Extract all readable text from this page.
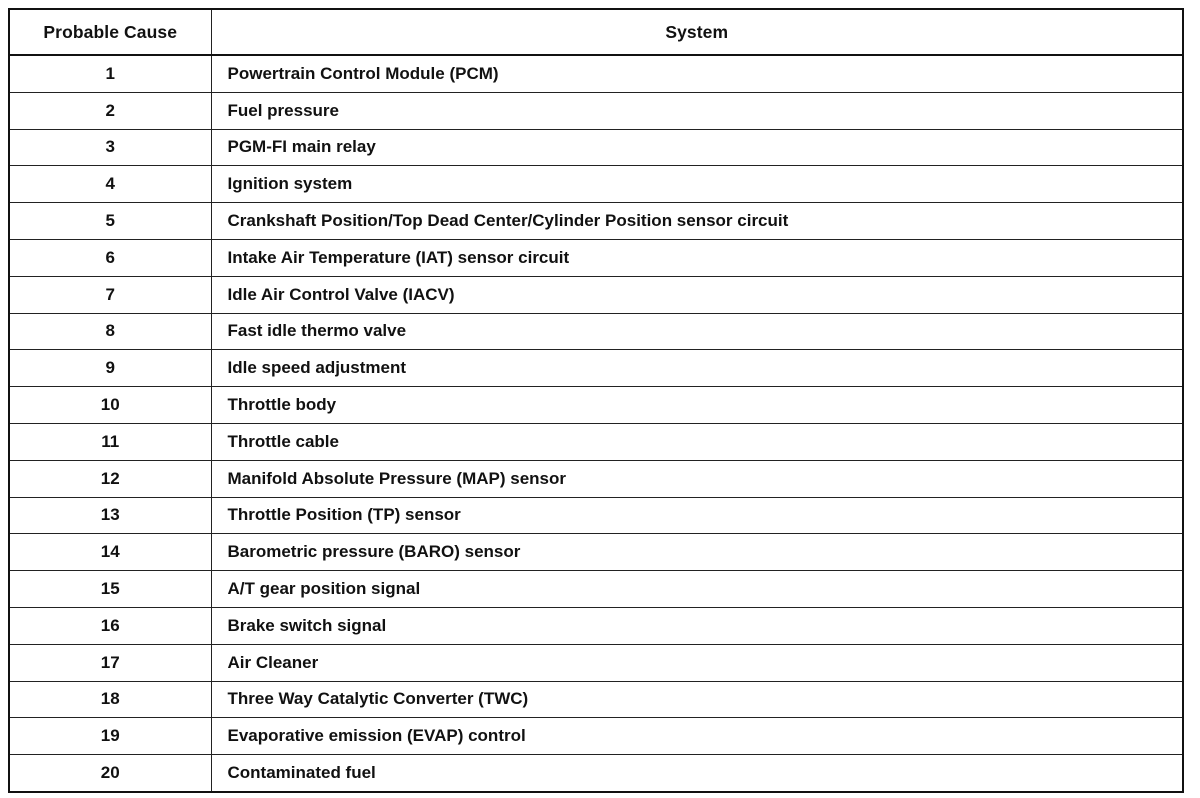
Probable Cause	System
1	Powertrain Control Module (PCM)
2	Fuel pressure
3	PGM-FI main relay
4	Ignition system
5	Crankshaft Position/Top Dead Center/Cylinder Position sensor circuit
6	Intake Air Temperature (IAT) sensor circuit
7	Idle Air Control Valve (IACV)
8	Fast idle thermo valve
9	Idle speed adjustment
10	Throttle body
11	Throttle cable
12	Manifold Absolute Pressure (MAP) sensor
13	Throttle Position (TP) sensor
14	Barometric pressure (BARO) sensor
15	A/T gear position signal
16	Brake switch signal
17	Air Cleaner
18	Three Way Catalytic Converter (TWC)
19	Evaporative emission (EVAP) control
20	Contaminated fuel
